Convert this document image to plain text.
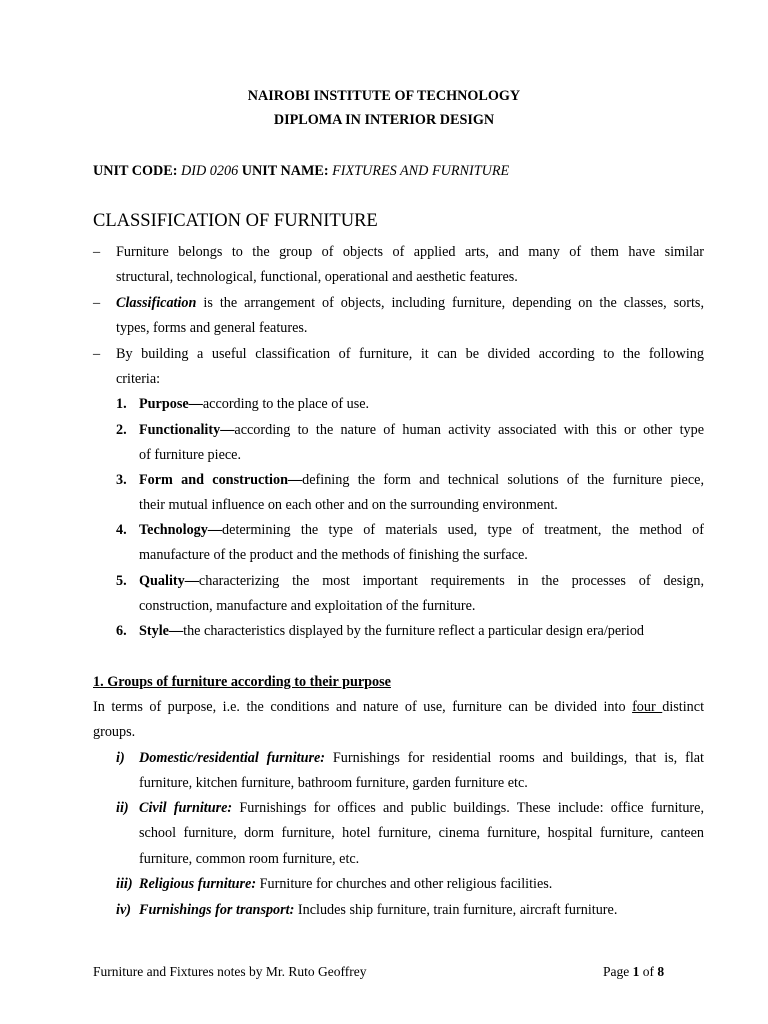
NAIROBI INSTITUTE OF TECHNOLOGY
DIPLOMA IN INTERIOR DESIGN
UNIT CODE: DID 0206 UNIT NAME: FIXTURES AND FURNITURE
CLASSIFICATION OF FURNITURE
– Furniture belongs to the group of objects of applied arts, and many of them have similar
structural, technological, functional, operational and aesthetic features.
– Classification is the arrangement of objects, including furniture, depending on the classes, sorts,
types, forms and general features.
– By building a useful classification of furniture, it can be divided according to the following
criteria:
1. Purpose—according to the place of use.
2. Functionality—according to the nature of human activity associated with this or other type
of furniture piece.
3. Form and construction—defining the form and technical solutions of the furniture piece,
their mutual influence on each other and on the surrounding environment.
4. Technology—determining the type of materials used, type of treatment, the method of
manufacture of the product and the methods of finishing the surface.
5. Quality—characterizing the most important requirements in the processes of design,
construction, manufacture and exploitation of the furniture.
6. Style—the characteristics displayed by the furniture reflect a particular design era/period
1. Groups of furniture according to their purpose
In terms of purpose, i.e. the conditions and nature of use, furniture can be divided into four distinct
groups.
i) Domestic/residential furniture: Furnishings for residential rooms and buildings, that is, flat
furniture, kitchen furniture, bathroom furniture, garden furniture etc.
ii) Civil furniture: Furnishings for offices and public buildings. These include: office furniture,
school furniture, dorm furniture, hotel furniture, cinema furniture, hospital furniture, canteen
furniture, common room furniture, etc.
iii) Religious furniture: Furniture for churches and other religious facilities.
iv) Furnishings for transport: Includes ship furniture, train furniture, aircraft furniture.
Furniture and Fixtures notes by Mr. Ruto Geoffrey	Page 1 of 8
